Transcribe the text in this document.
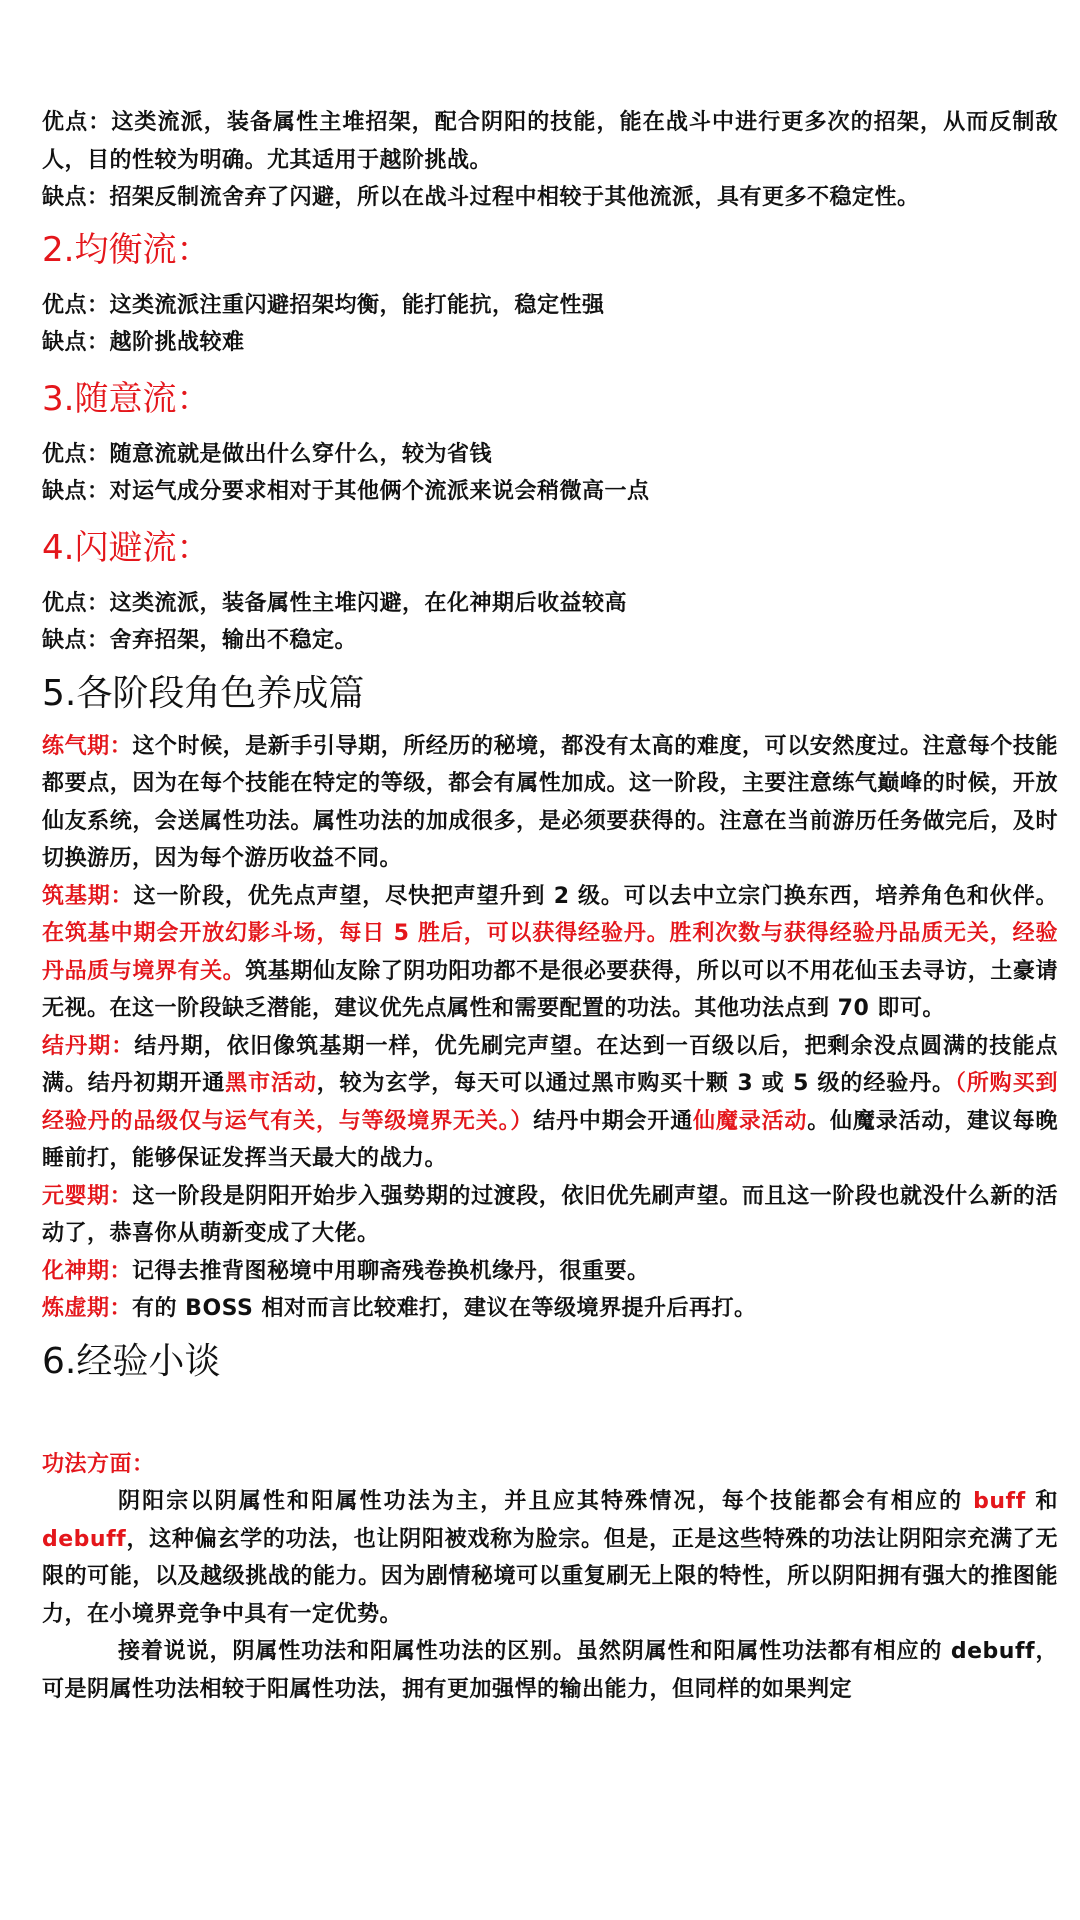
优点：这类流派，装备属性主堆招架，配合阴阳的技能，能在战斗中进行更多次的招架，从而反制敌人，目的性较为明确。尤其适用于越阶挑战。

缺点：招架反制流舍弃了闪避，所以在战斗过程中相较于其他流派，具有更多不稳定性。

2.均衡流：

优点：这类流派注重闪避招架均衡，能打能抗，稳定性强

缺点：越阶挑战较难

3.随意流：

优点：随意流就是做出什么穿什么，较为省钱

缺点：对运气成分要求相对于其他俩个流派来说会稍微高一点

4.闪避流：

优点：这类流派，装备属性主堆闪避，在化神期后收益较高

缺点：舍弃招架，输出不稳定。

5.各阶段角色养成篇

练气期：这个时候，是新手引导期，所经历的秘境，都没有太高的难度，可以安然度过。注意每个技能都要点，因为在每个技能在特定的等级，都会有属性加成。这一阶段，主要注意练气巅峰的时候，开放仙友系统，会送属性功法。属性功法的加成很多，是必须要获得的。注意在当前游历任务做完后，及时切换游历，因为每个游历收益不同。

筑基期：这一阶段，优先点声望，尽快把声望升到 2 级。可以去中立宗门换东西，培养角色和伙伴。在筑基中期会开放幻影斗场，每日 5 胜后，可以获得经验丹。胜利次数与获得经验丹品质无关，经验丹品质与境界有关。筑基期仙友除了阴功阳功都不是很必要获得，所以可以不用花仙玉去寻访，土豪请无视。在这一阶段缺乏潜能，建议优先点属性和需要配置的功法。其他功法点到 70 即可。

结丹期：结丹期，依旧像筑基期一样，优先刷完声望。在达到一百级以后，把剩余没点圆满的技能点满。结丹初期开通黑市活动，较为玄学，每天可以通过黑市购买十颗 3 或 5 级的经验丹。（所购买到经验丹的品级仅与运气有关，与等级境界无关。）结丹中期会开通仙魔录活动。仙魔录活动，建议每晚睡前打，能够保证发挥当天最大的战力。

元婴期：这一阶段是阴阳开始步入强势期的过渡段，依旧优先刷声望。而且这一阶段也就没什么新的活动了，恭喜你从萌新变成了大佬。

化神期：记得去推背图秘境中用聊斋残卷换机缘丹，很重要。

炼虚期：有的 BOSS 相对而言比较难打，建议在等级境界提升后再打。

6.经验小谈

功法方面：

阴阳宗以阴属性和阳属性功法为主，并且应其特殊情况，每个技能都会有相应的 buff 和 debuff，这种偏玄学的功法，也让阴阳被戏称为脸宗。但是，正是这些特殊的功法让阴阳宗充满了无限的可能，以及越级挑战的能力。因为剧情秘境可以重复刷无上限的特性，所以阴阳拥有强大的推图能力，在小境界竞争中具有一定优势。

接着说说，阴属性功法和阳属性功法的区别。虽然阴属性和阳属性功法都有相应的 debuff，可是阴属性功法相较于阳属性功法，拥有更加强悍的输出能力，但同样的如果判定
